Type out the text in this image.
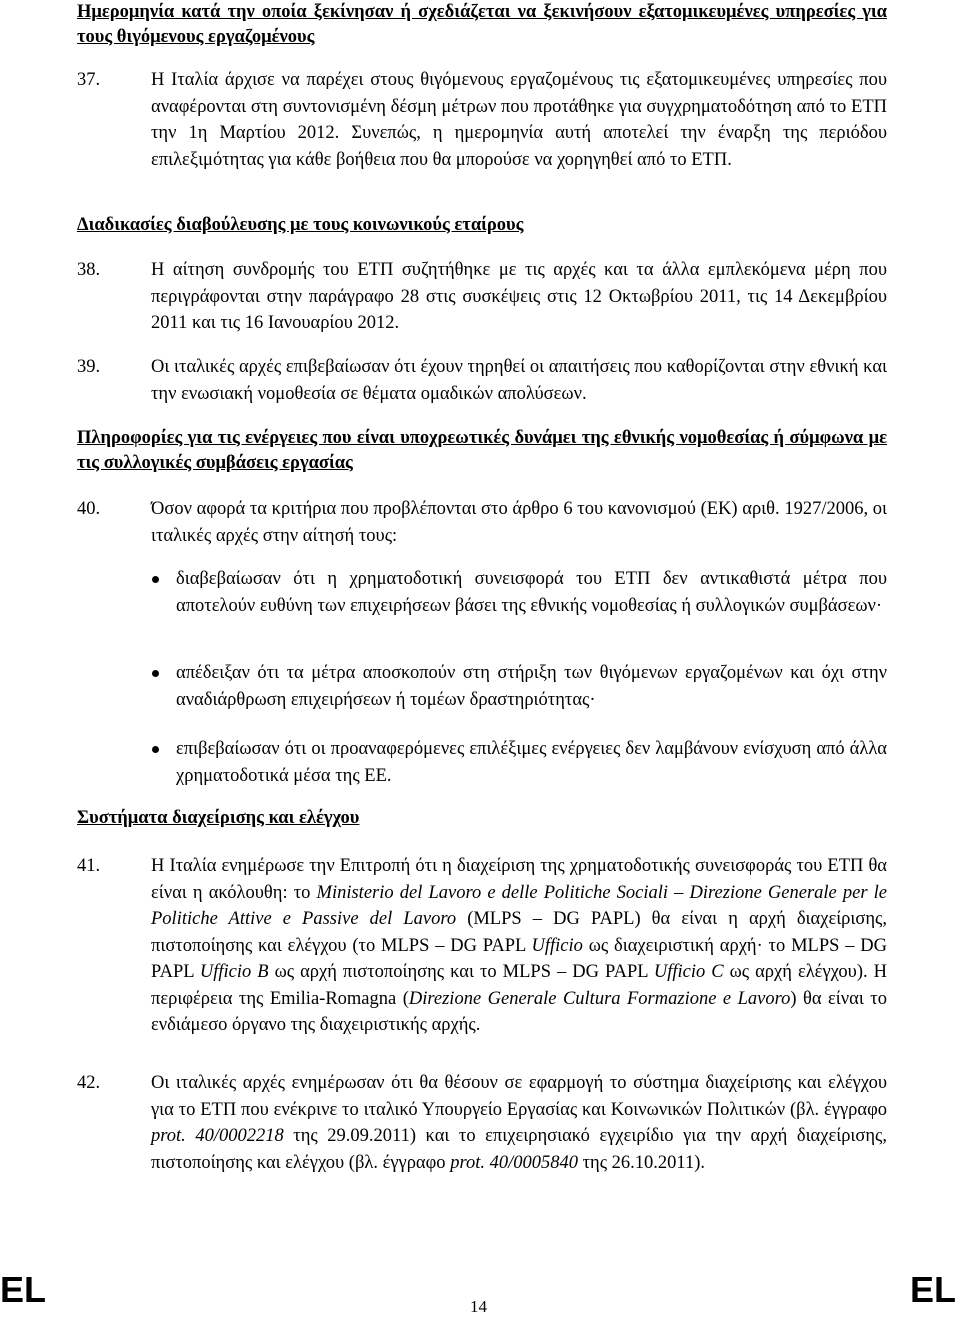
Ημερομηνία κατά την οποία ξεκίνησαν ή σχεδιάζεται να ξεκινήσουν εξατομικευμένες υπηρεσίες για τους θιγόμενους εργαζομένους
37.	Η Ιταλία άρχισε να παρέχει στους θιγόμενους εργαζομένους τις εξατομικευμένες υπηρεσίες που αναφέρονται στη συντονισμένη δέσμη μέτρων που προτάθηκε για συγχρηματοδότηση από το ΕΤΠ την 1η Μαρτίου 2012. Συνεπώς, η ημερομηνία αυτή αποτελεί την έναρξη της περιόδου επιλεξιμότητας για κάθε βοήθεια που θα μπορούσε να χορηγηθεί από το ΕΤΠ.
Διαδικασίες διαβούλευσης με τους κοινωνικούς εταίρους
38.	Η αίτηση συνδρομής του ΕΤΠ συζητήθηκε με τις αρχές και τα άλλα εμπλεκόμενα μέρη που περιγράφονται στην παράγραφο 28 στις συσκέψεις στις 12 Οκτωβρίου 2011, τις 14 Δεκεμβρίου 2011 και τις 16 Ιανουαρίου 2012.
39.	Οι ιταλικές αρχές επιβεβαίωσαν ότι έχουν τηρηθεί οι απαιτήσεις που καθορίζονται στην εθνική και την ενωσιακή νομοθεσία σε θέματα ομαδικών απολύσεων.
Πληροφορίες για τις ενέργειες που είναι υποχρεωτικές δυνάμει της εθνικής νομοθεσίας ή σύμφωνα με τις συλλογικές συμβάσεις εργασίας
40.	Όσον αφορά τα κριτήρια που προβλέπονται στο άρθρο 6 του κανονισμού (ΕΚ) αριθ. 1927/2006, οι ιταλικές αρχές στην αίτησή τους:
διαβεβαίωσαν ότι η χρηματοδοτική συνεισφορά του ΕΤΠ δεν αντικαθιστά μέτρα που αποτελούν ευθύνη των επιχειρήσεων βάσει της εθνικής νομοθεσίας ή συλλογικών συμβάσεων·
απέδειξαν ότι τα μέτρα αποσκοπούν στη στήριξη των θιγόμενων εργαζομένων και όχι στην αναδιάρθρωση επιχειρήσεων ή τομέων δραστηριότητας·
επιβεβαίωσαν ότι οι προαναφερόμενες επιλέξιμες ενέργειες δεν λαμβάνουν ενίσχυση από άλλα χρηματοδοτικά μέσα της ΕΕ.
Συστήματα διαχείρισης και ελέγχου
41.	Η Ιταλία ενημέρωσε την Επιτροπή ότι η διαχείριση της χρηματοδοτικής συνεισφοράς του ΕΤΠ θα είναι η ακόλουθη: το Ministerio del Lavoro e delle Politiche Sociali – Direzione Generale per le Politiche Attive e Passive del Lavoro (MLPS – DG PAPL) θα είναι η αρχή διαχείρισης, πιστοποίησης και ελέγχου (το MLPS – DG PAPL Ufficio ως διαχειριστική αρχή· το MLPS – DG PAPL Ufficio B ως αρχή πιστοποίησης και το MLPS – DG PAPL Ufficio C ως αρχή ελέγχου). Η περιφέρεια της Emilia-Romagna (Direzione Generale Cultura Formazione e Lavoro) θα είναι το ενδιάμεσο όργανο της διαχειριστικής αρχής.
42.	Οι ιταλικές αρχές ενημέρωσαν ότι θα θέσουν σε εφαρμογή το σύστημα διαχείρισης και ελέγχου για το ΕΤΠ που ενέκρινε το ιταλικό Υπουργείο Εργασίας και Κοινωνικών Πολιτικών (βλ. έγγραφο prot. 40/0002218 της 29.09.2011) και το επιχειρησιακό εγχειρίδιο για την αρχή διαχείρισης, πιστοποίησης και ελέγχου (βλ. έγγραφο prot. 40/0005840 της 26.10.2011).
EL	14	EL
